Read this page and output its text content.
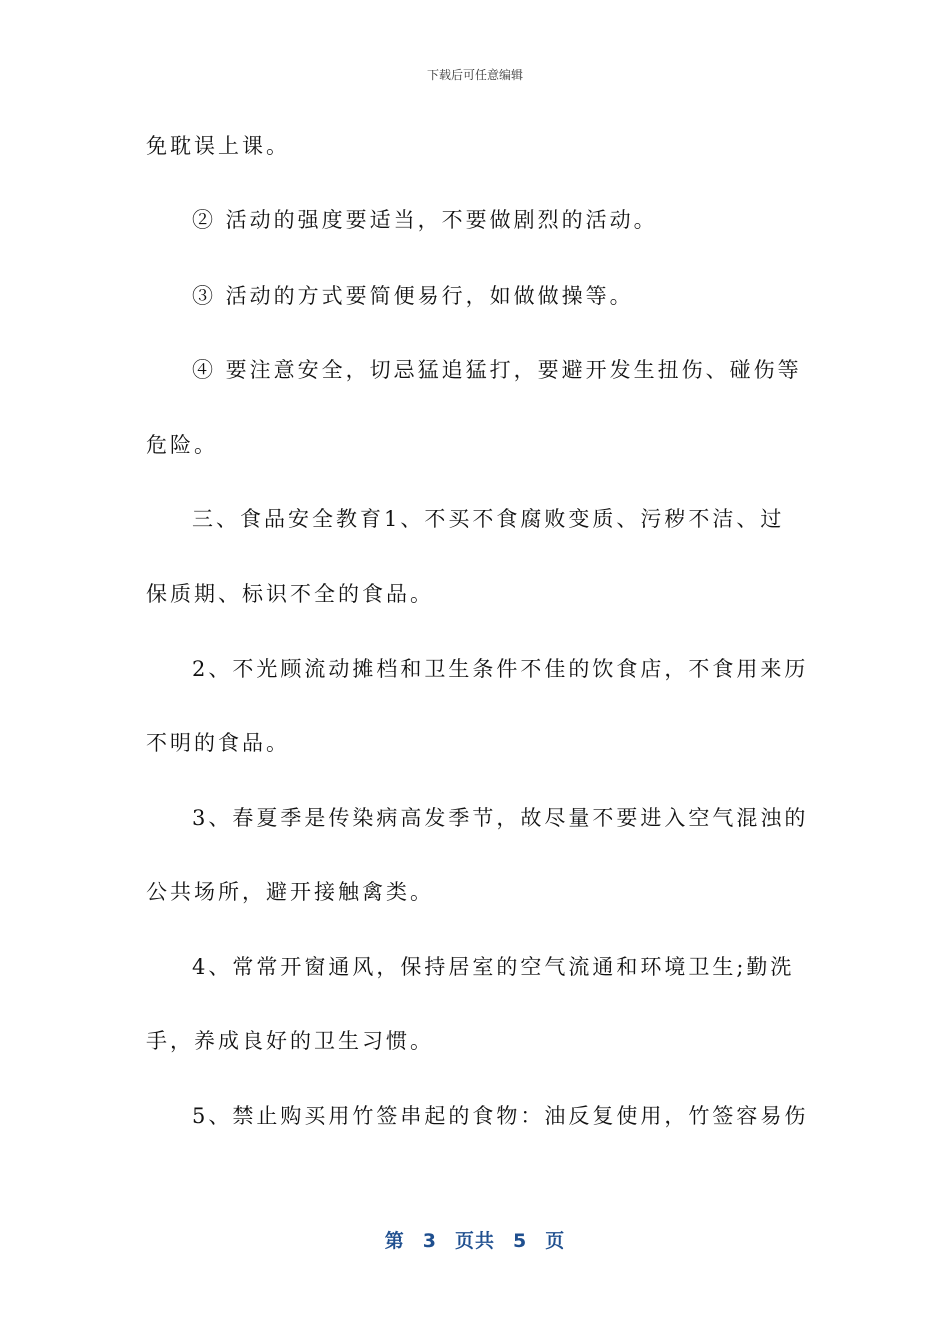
下载后可任意编辑
免耽误上课。
② 活动的强度要适当，不要做剧烈的活动。
③ 活动的方式要简便易行，如做做操等。
④ 要注意安全，切忌猛追猛打，要避开发生扭伤、碰伤等
危险。
三、食品安全教育1、不买不食腐败变质、污秽不洁、过
保质期、标识不全的食品。
2、不光顾流动摊档和卫生条件不佳的饮食店，不食用来历
不明的食品。
3、春夏季是传染病高发季节，故尽量不要进入空气混浊的
公共场所，避开接触禽类。
4、常常开窗通风，保持居室的空气流通和环境卫生;勤洗
手，养成良好的卫生习惯。
5、禁止购买用竹签串起的食物：油反复使用，竹签容易伤
第 3 页共 5 页
